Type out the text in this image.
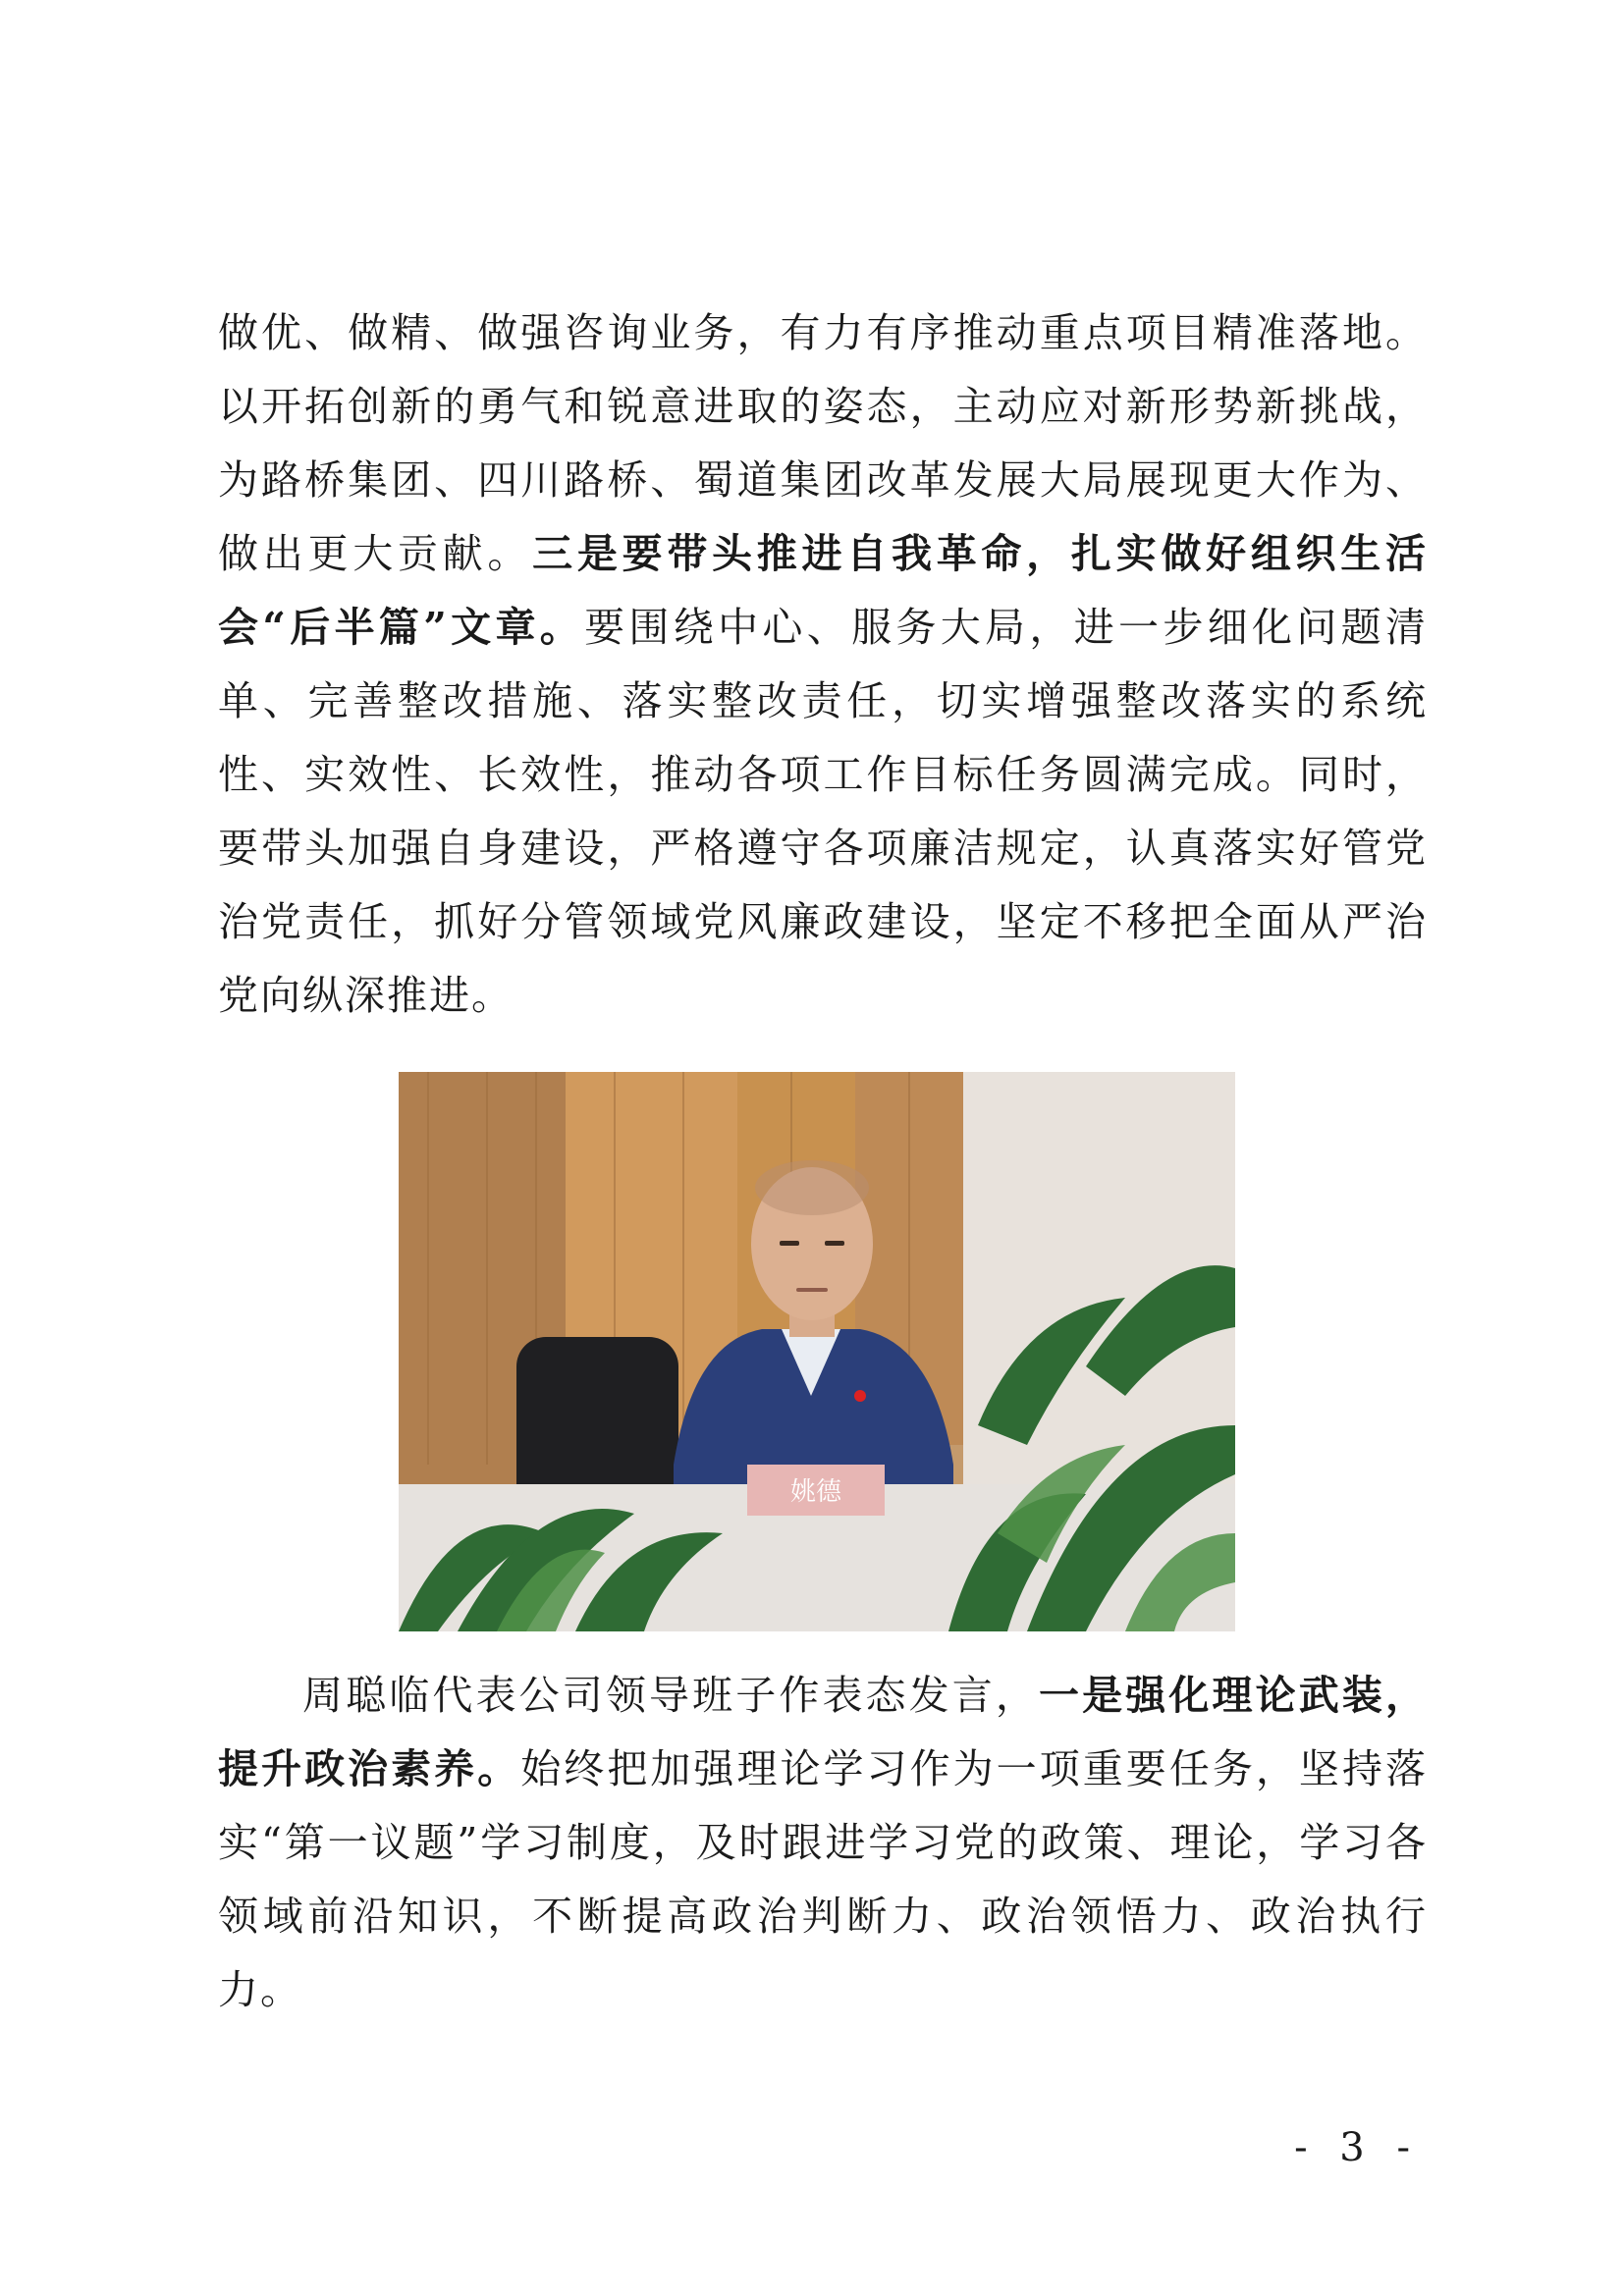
做优、做精、做强咨询业务，有力有序推动重点项目精准落地。以开拓创新的勇气和锐意进取的姿态，主动应对新形势新挑战，为路桥集团、四川路桥、蜀道集团改革发展大局展现更大作为、做出更大贡献。三是要带头推进自我革命，扎实做好组织生活会“后半篇”文章。要围绕中心、服务大局，进一步细化问题清单、完善整改措施、落实整改责任，切实增强整改落实的系统性、实效性、长效性，推动各项工作目标任务圆满完成。同时，要带头加强自身建设，严格遵守各项廉洁规定，认真落实好管党治党责任，抓好分管领域党风廉政建设，坚定不移把全面从严治党向纵深推进。

姚德

周聪临代表公司领导班子作表态发言，一是强化理论武装，提升政治素养。始终把加强理论学习作为一项重要任务，坚持落实“第一议题”学习制度，及时跟进学习党的政策、理论，学习各领域前沿知识，不断提高政治判断力、政治领悟力、政治执行力。

- 3 -
